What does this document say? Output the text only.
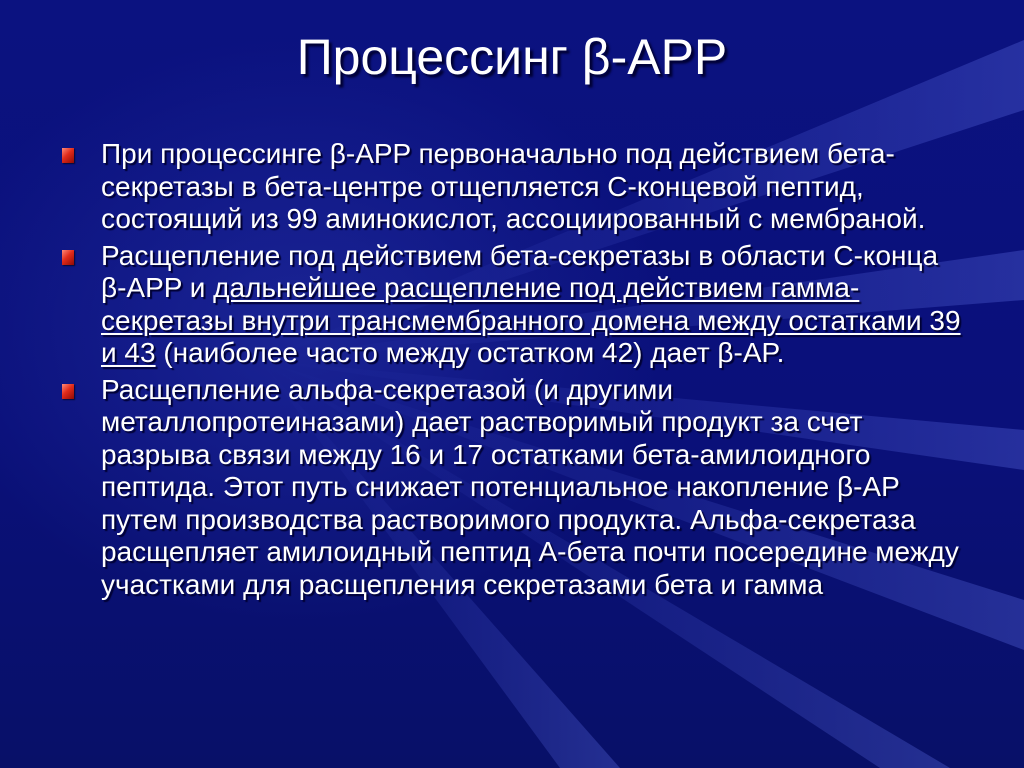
Процессинг β-APP
При процессинге β-APP первоначально под действием бета-секретазы в бета-центре отщепляется С-концевой пептид, состоящий из 99 аминокислот, ассоциированный с мембраной.
Расщепление под действием бета-секретазы в области С-конца β-APP и дальнейшее расщепление под действием гамма-секретазы внутри трансмембранного домена между остатками 39 и 43 (наиболее часто между остатком 42) дает β-AP.
Расщепление альфа-секретазой (и другими металлопротеиназами) дает растворимый продукт за счет разрыва связи между 16 и 17 остатками бета-амилоидного пептида. Этот путь снижает потенциальное накопление β-AP путем производства растворимого продукта. Альфа-секретаза расщепляет амилоидный пептид А-бета почти посередине между участками для расщепления секретазами бета и гамма
